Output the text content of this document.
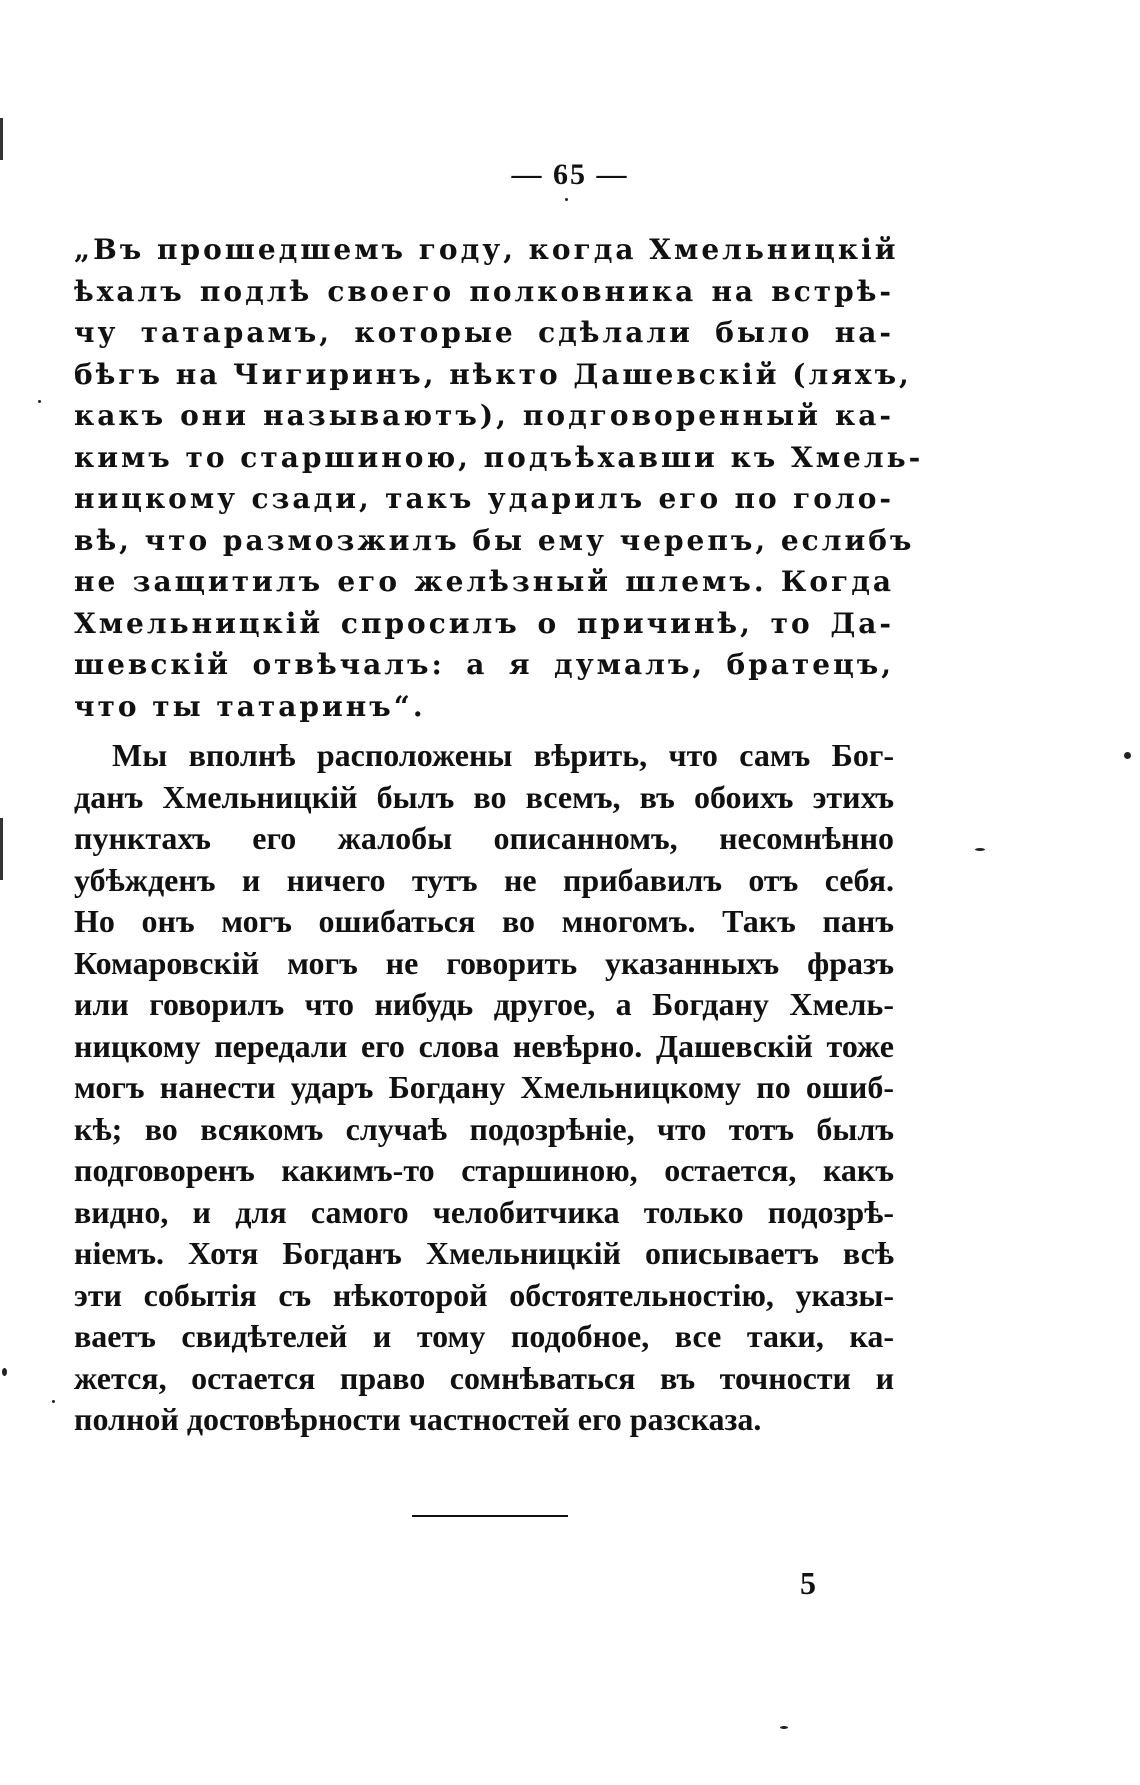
— 65 —
„Въ прошедшемъ году, когда Хмельницкій
ѣхалъ подлѣ своего полковника на встрѣ-
чу татарамъ, которые сдѣлали было на-
бѣгъ на Чигиринъ, нѣкто Дашевскій (ляхъ,
какъ они называютъ), подговоренный ка-
кимъ то старшиною, подъѣхавши къ Хмель-
ницкому сзади, такъ ударилъ его по голо-
вѣ, что размозжилъ бы ему черепъ, еслибъ
не защитилъ его желѣзный шлемъ. Когда
Хмельницкій спросилъ о причинѣ, то Да-
шевскій отвѣчалъ: а я думалъ, братецъ,
что ты татаринъ“.
Мы вполнѣ расположены вѣрить, что самъ Бог-
данъ Хмельницкій былъ во всемъ, въ обоихъ этихъ
пунктахъ его жалобы описанномъ, несомнѣнно
убѣжденъ и ничего тутъ не прибавилъ отъ себя.
Но онъ могъ ошибаться во многомъ. Такъ панъ
Комаровскій могъ не говорить указанныхъ фразъ
или говорилъ что нибудь другое, а Богдану Хмель-
ницкому передали его слова невѣрно. Дашевскій тоже
могъ нанести ударъ Богдану Хмельницкому по ошиб-
кѣ; во всякомъ случаѣ подозрѣніе, что тотъ былъ
подговоренъ какимъ-то старшиною, остается, какъ
видно, и для самого челобитчика только подозрѣ-
ніемъ. Хотя Богданъ Хмельницкій описываетъ всѣ
эти событія съ нѣкоторой обстоятельностію, указы-
ваетъ свидѣтелей и тому подобное, все таки, ка-
жется, остается право сомнѣваться въ точности и
полной достовѣрности частностей его разсказа.
5
